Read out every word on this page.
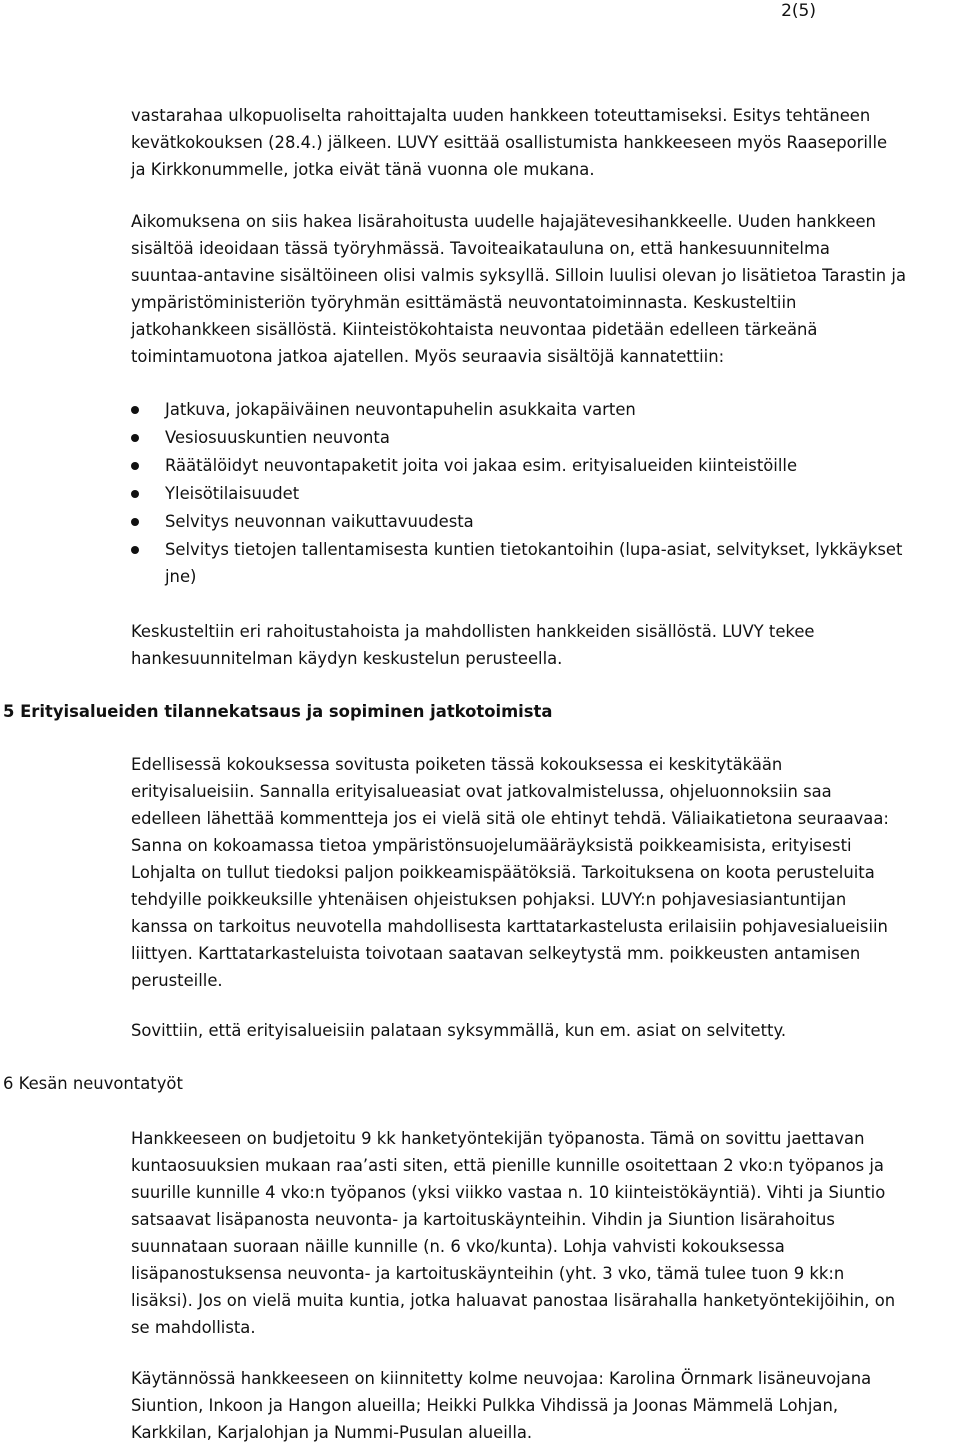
2(5)

vastarahaa ulkopuoliselta rahoittajalta uuden hankkeen toteuttamiseksi. Esitys tehtäneen
kevätkokouksen (28.4.) jälkeen. LUVY esittää osallistumista hankkeeseen myös Raaseporille
ja Kirkkonummelle, jotka eivät tänä vuonna ole mukana.

Aikomuksena on siis hakea lisärahoitusta uudelle hajajätevesihankkeelle. Uuden hankkeen
sisältöä ideoidaan tässä työryhmässä. Tavoiteaikatauluna on, että hankesuunnitelma
suuntaa-antavine sisältöineen olisi valmis syksyllä. Silloin luulisi olevan jo lisätietoa Tarastin ja
ympäristöministeriön työryhmän esittämästä neuvontatoiminnasta. Keskusteltiin
jatkohankkeen sisällöstä. Kiinteistökohtaista neuvontaa pidetään edelleen tärkeänä
toimintamuotona jatkoa ajatellen. Myös seuraavia sisältöjä kannatettiin:

Jatkuva, jokapäiväinen neuvontapuhelin asukkaita varten
Vesiosuuskuntien neuvonta
Räätälöidyt neuvontapaketit joita voi jakaa esim. erityisalueiden kiinteistöille
Yleisötilaisuudet
Selvitys neuvonnan vaikuttavuudesta
Selvitys tietojen tallentamisesta kuntien tietokantoihin (lupa-asiat, selvitykset, lykkäykset
jne)

Keskusteltiin eri rahoitustahoista ja mahdollisten hankkeiden sisällöstä. LUVY tekee
hankesuunnitelman käydyn keskustelun perusteella.

5 Erityisalueiden tilannekatsaus ja sopiminen jatkotoimista

Edellisessä kokouksessa sovitusta poiketen tässä kokouksessa ei keskitytäkään
erityisalueisiin. Sannalla erityisalueasiat ovat jatkovalmistelussa, ohjeluonnoksiin saa
edelleen lähettää kommentteja jos ei vielä sitä ole ehtinyt tehdä. Väliaikatietona seuraavaa:
Sanna on kokoamassa tietoa ympäristönsuojelumääräyksistä poikkeamisista, erityisesti
Lohjalta on tullut tiedoksi paljon poikkeamispäätöksiä. Tarkoituksena on koota perusteluita
tehdyille poikkeuksille yhtenäisen ohjeistuksen pohjaksi. LUVY:n pohjavesiasiantuntijan
kanssa on tarkoitus neuvotella mahdollisesta karttatarkastelusta erilaisiin pohjavesialueisiin
liittyen. Karttatarkasteluista toivotaan saatavan selkeytystä mm. poikkeusten antamisen
perusteille.

Sovittiin, että erityisalueisiin palataan syksymmällä, kun em. asiat on selvitetty.

6 Kesän neuvontatyöt

Hankkeeseen on budjetoitu 9 kk hanketyöntekijän työpanosta. Tämä on sovittu jaettavan
kuntaosuuksien mukaan raa’asti siten, että pienille kunnille osoitettaan 2 vko:n työpanos ja
suurille kunnille 4 vko:n työpanos (yksi viikko vastaa n. 10 kiinteistökäyntiä). Vihti ja Siuntio
satsaavat lisäpanosta neuvonta- ja kartoituskäynteihin. Vihdin ja Siuntion lisärahoitus
suunnataan suoraan näille kunnille (n. 6 vko/kunta). Lohja vahvisti kokouksessa
lisäpanostuksensa neuvonta- ja kartoituskäynteihin (yht. 3 vko, tämä tulee tuon 9 kk:n
lisäksi). Jos on vielä muita kuntia, jotka haluavat panostaa lisärahalla hanketyöntekijöihin, on
se mahdollista.

Käytännössä hankkeeseen on kiinnitetty kolme neuvojaa: Karolina Örnmark lisäneuvojana
Siuntion, Inkoon ja Hangon alueilla; Heikki Pulkka Vihdissä ja Joonas Mämmelä Lohjan,
Karkkilan, Karjalohjan ja Nummi-Pusulan alueilla.
